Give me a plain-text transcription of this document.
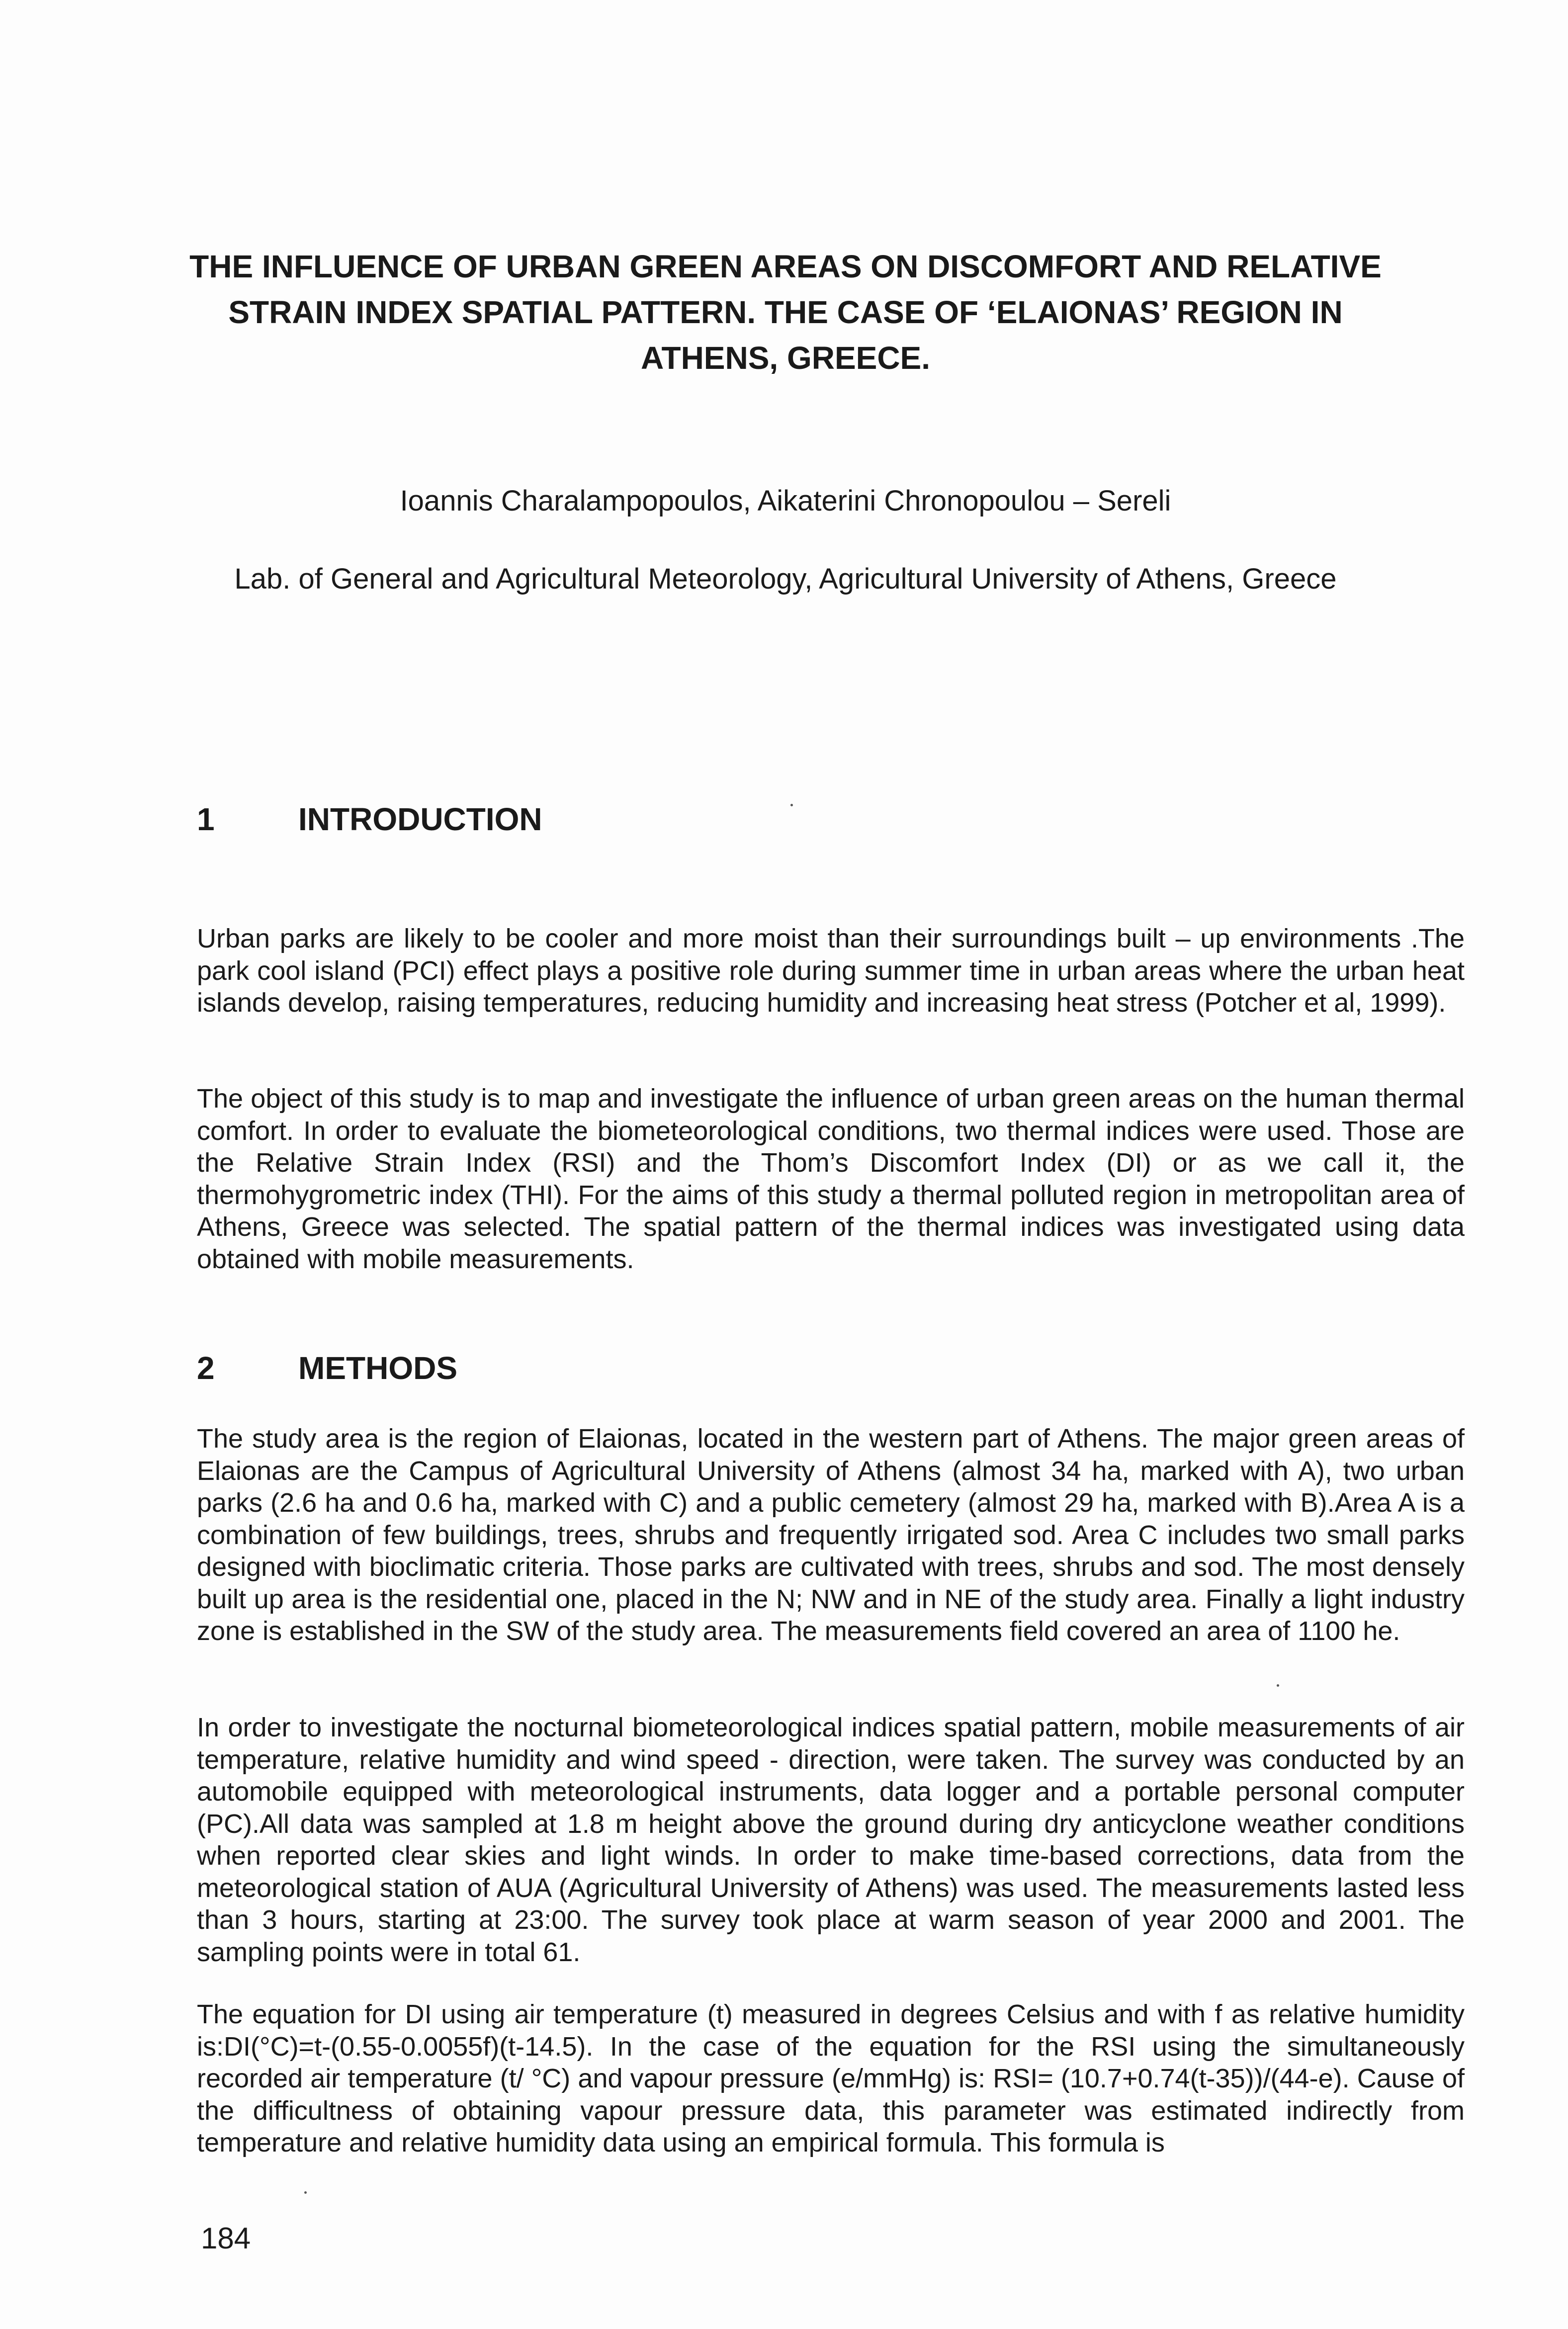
THE INFLUENCE OF URBAN GREEN AREAS ON DISCOMFORT AND RELATIVE STRAIN INDEX SPATIAL PATTERN. THE CASE OF ‘ELAIONAS’ REGION IN ATHENS, GREECE.

Ioannis Charalampopoulos, Aikaterini Chronopoulou – Sereli

Lab. of General and Agricultural Meteorology, Agricultural University of Athens, Greece

1	INTRODUCTION

Urban parks are likely to be cooler and more moist than their surroundings built – up environments .The park cool island (PCI) effect plays a positive role during summer time in urban areas where the urban heat islands develop, raising temperatures, reducing humidity and increasing heat stress (Potcher et al, 1999).

The object of this study is to map and investigate the influence of urban green areas on the human thermal comfort. In order to evaluate the biometeorological conditions, two thermal indices were used. Those are the Relative Strain Index (RSI) and the Thom’s Discomfort Index (DI) or as we call it, the thermohygrometric index (THI). For the aims of this study a thermal polluted region in metropolitan area of Athens, Greece was selected. The spatial pattern of the thermal indices was investigated using data obtained with mobile measurements.

2	METHODS

The study area is the region of Elaionas, located in the western part of Athens. The major green areas of Elaionas are the Campus of Agricultural University of Athens (almost 34 ha, marked with A), two urban parks (2.6 ha and 0.6 ha, marked with C) and a public cemetery (almost 29 ha, marked with B).Area A is a combination of few buildings, trees, shrubs and frequently irrigated sod. Area C includes two small parks designed with bioclimatic criteria. Those parks are cultivated with trees, shrubs and sod. The most densely built up area is the residential one, placed in the N; NW and in NE of the study area. Finally a light industry zone is established in the SW of the study area. The measurements field covered an area of 1100 he.

In order to investigate the nocturnal biometeorological indices spatial pattern, mobile measurements of air temperature, relative humidity and wind speed - direction, were taken. The survey was conducted by an automobile equipped with meteorological instruments, data logger and a portable personal computer (PC).All data was sampled at 1.8 m height above the ground during dry anticyclone weather conditions when reported clear skies and light winds. In order to make time-based corrections, data from the meteorological station of AUA (Agricultural University of Athens) was used. The measurements lasted less than 3 hours, starting at 23:00. The survey took place at warm season of year 2000 and 2001. The sampling points were in total 61.

The equation for DI using air temperature (t) measured in degrees Celsius and with f as relative humidity is:DI(°C)=t-(0.55-0.0055f)(t-14.5). In the case of the equation for the RSI using the simultaneously recorded air temperature (t/ °C) and vapour pressure (e/mmHg) is: RSI= (10.7+0.74(t-35))/(44-e). Cause of the difficultness of obtaining vapour pressure data, this parameter was estimated indirectly from temperature and relative humidity data using an empirical formula. This formula is

184
